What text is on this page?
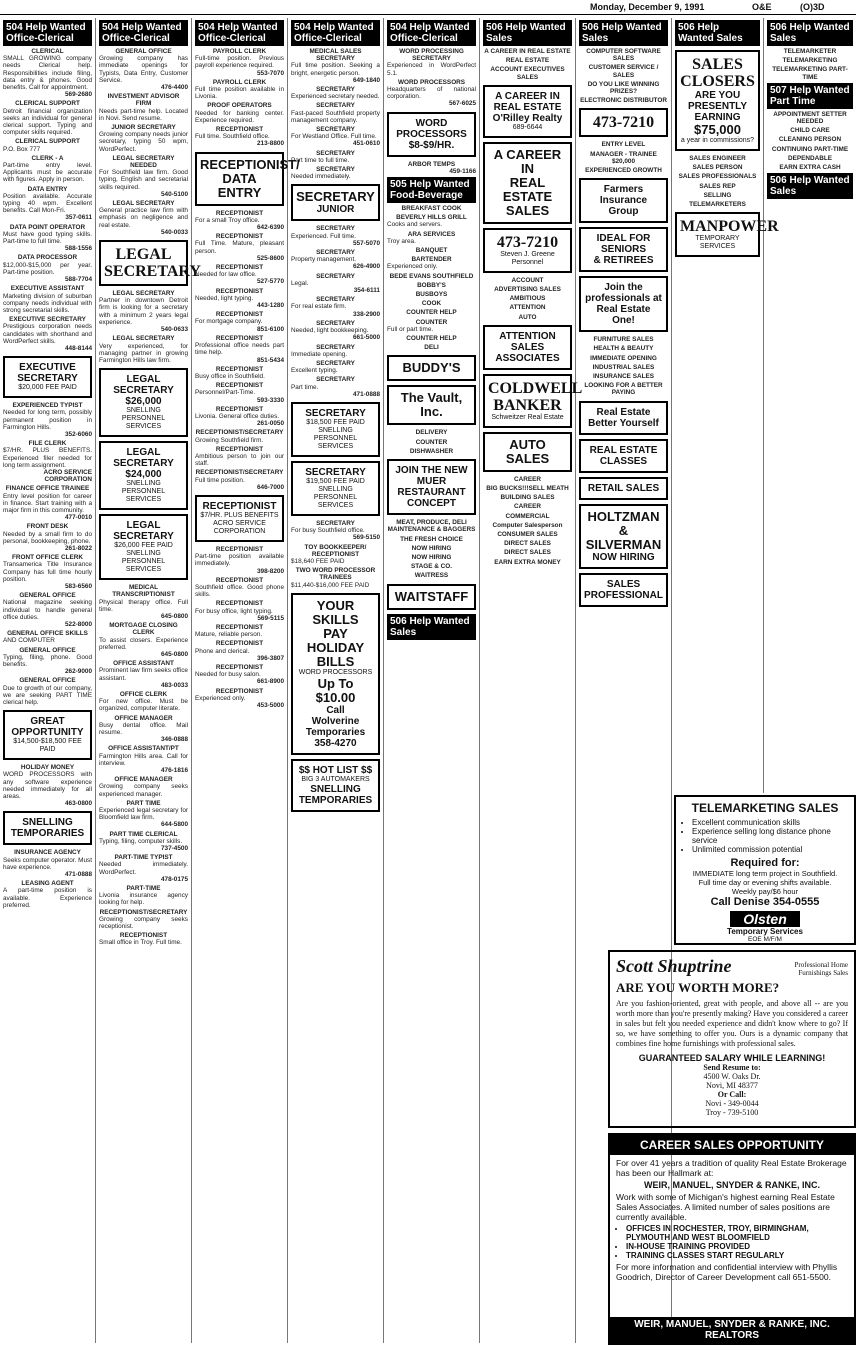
Monday, December 9, 1991	O&E	(O)3D
504 Help Wanted Office-Clerical
CLERICAL
SMALL GROWING company needs Clerical help. Responsibilities include filing, data entry & phones. Good benefits. Call for appointment.
569-2680
CLERICAL SUPPORT
Detroit financial organization seeks an individual for general clerical support. Typing and computer skills required.
CLERICAL SUPPORT
P.O. Box 777
CLERK - A
Part-time entry level. Applicants must be accurate with figures. Apply in person.
DATA ENTRY
Position available. Accurate typing 40 wpm. Excellent benefits. Call Mon-Fri.
357-0611
DATA POINT OPERATOR
Must have good typing skills. Part-time to full time.
588-1556
DATA PROCESSOR
$12,000-$15,000 per year. Part-time position.
588-7704
EXECUTIVE ASSISTANT
Marketing division of suburban company needs individual with strong secretarial skills.
EXECUTIVE SECRETARY
Prestigious corporation needs candidates with shorthand and WordPerfect skills.
448-8144
EXECUTIVE
SECRETARY
$20,000 FEE PAID
EXPERIENCED TYPIST
Needed for long term, possibly permanent position in Farmington Hills.
352-6060
FILE CLERK
$7/HR. PLUS BENEFITS. Experienced filer needed for long term assignment.
ACRO SERVICE CORPORATION
FINANCE OFFICE TRAINEE
Entry level position for career in finance. Start training with a major firm in this community.
477-0010
FRONT DESK
Needed by a small firm to do personal, bookkeeping, phone.
261-8022
FRONT OFFICE CLERK
Transamerica Title Insurance Company has full time hourly position.
583-6560
GENERAL OFFICE
National magazine seeking individual to handle general office duties.
522-8000
GENERAL OFFICE SKILLS
AND COMPUTER
GENERAL OFFICE
Typing, filing, phone. Good benefits.
262-9000
GENERAL OFFICE
Due to growth of our company, we are seeking PART TIME clerical help.
GREAT
OPPORTUNITY
$14,500-$18,500 FEE PAID
HOLIDAY MONEY
WORD PROCESSORS with any software experience needed immediately for all areas.
463-0800
SNELLING
TEMPORARIES
INSURANCE AGENCY
Seeks computer operator. Must have experience.
471-0888
LEASING AGENT
A part-time position is available. Experience preferred.
504 Help Wanted Office-Clerical
GENERAL OFFICE
Growing company has immediate openings for Typists, Data Entry, Customer Service.
476-4400
INVESTMENT ADVISOR FIRM
Needs part-time help. Located in Novi. Send resume.
JUNIOR SECRETARY
Growing company needs junior secretary, typing 50 wpm, WordPerfect.
LEGAL SECRETARY NEEDED
For Southfield law firm. Good typing, English and secretarial skills required.
540-5100
LEGAL SECRETARY
General practice law firm with emphasis on negligence and real estate.
540-0033
LEGAL
SECRETARY
LEGAL SECRETARY
Partner in downtown Detroit firm is looking for a secretary with a minimum 2 years legal experience.
540-0633
LEGAL SECRETARY
Very experienced, for managing partner in growing Farmington Hills law firm.
LEGAL
SECRETARY
$26,000
SNELLING PERSONNEL
SERVICES
LEGAL
SECRETARY
$24,000
SNELLING PERSONNEL
SERVICES
LEGAL SECRETARY
$26,000 FEE PAID
SNELLING PERSONNEL
SERVICES
MEDICAL TRANSCRIPTIONIST
Physical therapy office. Full time.
645-0800
MORTGAGE CLOSING CLERK
To assist closers. Experience preferred.
645-0800
OFFICE ASSISTANT
Prominent law firm seeks office assistant.
483-0033
OFFICE CLERK
For new office. Must be organized, computer literate.
OFFICE MANAGER
Busy dental office. Mail resume.
346-0888
OFFICE ASSISTANT/PT
Farmington Hills area. Call for interview.
476-1816
OFFICE MANAGER
Growing company seeks experienced manager.
PART TIME
Experienced legal secretary for Bloomfield law firm.
644-5800
PART TIME CLERICAL
Typing, filing, computer skills.
737-4500
PART-TIME TYPIST
Needed immediately. WordPerfect.
478-0175
PART-TIME
Livonia insurance agency looking for help.
RECEPTIONIST/SECRETARY
Growing company seeks receptionist.
RECEPTIONIST
Small office in Troy. Full time.
504 Help Wanted Office-Clerical
PAYROLL CLERK
Full-time position. Previous payroll experience required.
553-7070
PAYROLL CLERK
Full time position available in Livonia.
PROOF OPERATORS
Needed for banking center. Experience required.
RECEPTIONIST
Full time. Southfield office.
213-8800
RECEPTIONIST/
DATA ENTRY
RECEPTIONIST
For a small Troy office.
642-6390
RECEPTIONIST
Full Time. Mature, pleasant person.
525-8600
RECEPTIONIST
Needed for law office.
527-5770
RECEPTIONIST
Needed, light typing.
443-1280
RECEPTIONIST
For mortgage company.
851-6100
RECEPTIONIST
Professional office needs part time help.
851-5434
RECEPTIONIST
Busy office in Southfield.
RECEPTIONIST
Personnel/Part-Time.
593-3330
RECEPTIONIST
Livonia. General office duties.
261-0050
RECEPTIONIST/SECRETARY
Growing Southfield firm.
RECEPTIONIST
Ambitious person to join our staff.
RECEPTIONIST/SECRETARY
Full time position.
646-7000
RECEPTIONIST
$7/HR. PLUS BENEFITS
ACRO SERVICE CORPORATION
RECEPTIONIST
Part-time position available immediately.
398-8200
RECEPTIONIST
Southfield office. Good phone skills.
RECEPTIONIST
For busy office, light typing.
569-5115
RECEPTIONIST
Mature, reliable person.
RECEPTIONIST
Phone and clerical.
396-3807
RECEPTIONIST
Needed for busy salon.
661-8900
RECEPTIONIST
Experienced only.
453-5000
504 Help Wanted Office-Clerical
MEDICAL SALES SECRETARY
Full time position. Seeking a bright, energetic person.
649-1840
SECRETARY
Experienced secretary needed.
SECRETARY
Fast-paced Southfield property management company.
SECRETARY
For Westland Office. Full time.
451-0610
SECRETARY
Part time to full time.
SECRETARY
Needed immediately.
SECRETARY
JUNIOR
SECRETARY
Experienced. Full time.
557-5070
SECRETARY
Property management.
626-4900
SECRETARY
Legal.
354-6111
SECRETARY
For real estate firm.
338-2900
SECRETARY
Needed, light bookkeeping.
661-5000
SECRETARY
Immediate opening.
SECRETARY
Excellent typing.
SECRETARY
Part time.
471-0888
SECRETARY
$18,500 FEE PAID
SNELLING PERSONNEL
SERVICES
SECRETARY
$19,500 FEE PAID
SNELLING PERSONNEL
SERVICES
SECRETARY
For busy Southfield office.
569-5150
TOY BOOKKEEPER/ RECEPTIONIST
$18,640 FEE PAID
TWO WORD PROCESSOR TRAINEES
$11,440-$16,000 FEE PAID
YOUR SKILLS
PAY
HOLIDAY BILLS
WORD PROCESSORS
Up To $10.00
Call
Wolverine
Temporaries
358-4270
$$ HOT LIST $$
BIG 3 AUTOMAKERS
SNELLING
TEMPORARIES
504 Help Wanted Office-Clerical
WORD PROCESSING SECRETARY
Experienced in WordPerfect 5.1.
WORD PROCESSORS
Headquarters of national corporation.
567-6025
WORD PROCESSORS
$8-$9/HR.
ARBOR TEMPS
459-1166
505 Help Wanted Food-Beverage
BREAKFAST COOK
BEVERLY HILLS GRILL
Cooks and servers.
ARA SERVICES
Troy area.
BANQUET
BARTENDER
Experienced only.
BEDE EVANS SOUTHFIELD
BOBBY'S
BUSBOYS
COOK
COUNTER HELP
COUNTER
Full or part time.
COUNTER HELP
DELI
BUDDY'S
The Vault, Inc.
DELIVERY
COUNTER
DISHWASHER
JOIN THE NEW MUER
RESTAURANT CONCEPT
MEAT, PRODUCE, DELI MAINTENANCE & BAGGERS
THE FRESH CHOICE
NOW HIRING
NOW HIRING
STAGE & CO.
WAITRESS
WAITSTAFF
506 Help Wanted Sales
506 Help Wanted Sales
A CAREER IN REAL ESTATE
REAL ESTATE
ACCOUNT EXECUTIVES SALES
A CAREER IN
REAL ESTATE
O'Rilley Realty
689-6644
A CAREER IN
REAL ESTATE
SALES
473-7210
Steven J. Greene Personnel
ACCOUNT
ADVERTISING SALES
AMBITIOUS
ATTENTION
AUTO
ATTENTION SALES ASSOCIATES
COLDWELL
BANKER
Schweitzer Real Estate
AUTO SALES
CAREER
BIG BUCKS!!!SELL MEATH
BUILDING SALES
CAREER
COMMERCIAL
Computer Salesperson
CONSUMER SALES
DIRECT SALES
DIRECT SALES
EARN EXTRA MONEY
506 Help Wanted Sales
COMPUTER SOFTWARE SALES
CUSTOMER SERVICE / SALES
DO YOU LIKE WINNING PRIZES?
ELECTRONIC DISTRIBUTOR
473-7210
ENTRY LEVEL
MANAGER - TRAINEE $20,000
EXPERIENCED GROWTH
Farmers Insurance
Group
IDEAL FOR SENIORS
& RETIREES
Join the professionals at
Real Estate One!
FURNITURE SALES
HEALTH & BEAUTY
IMMEDIATE OPENING
INDUSTRIAL SALES
INSURANCE SALES
LOOKING FOR A BETTER PAYING
Real Estate
Better Yourself
REAL ESTATE CLASSES
RETAIL SALES
HOLTZMAN
&
SILVERMAN
NOW HIRING
SALES PROFESSIONAL
506 Help Wanted Sales
SALES
CLOSERS
ARE YOU
PRESENTLY EARNING
$75,000
a year in commissions?
SALES ENGINEER
SALES PERSON
SALES PROFESSIONALS
SALES REP
SELLING
TELEMARKETERS
MANPOWER
TEMPORARY SERVICES
506 Help Wanted Sales
TELEMARKETER
TELEMARKETING
TELEMARKETING PART-TIME
507 Help Wanted Part Time
APPOINTMENT SETTER NEEDED
CHILD CARE
CLEANING PERSON
CONTINUING PART-TIME
DEPENDABLE
EARN EXTRA CASH
506 Help Wanted Sales
TELEMARKETING SALES
• Excellent communication skills
• Experience selling long distance phone service
• Unlimited commission potential
Required for:
IMMEDIATE long term project in Southfield.
Full time day or evening shifts available.
Weekly pay/$6 hour
Call Denise 354-0555
Olsten
Temporary Services
EOE M/F/M
Scott Shuptrine	Professional Home Furnishings Sales
ARE YOU WORTH MORE?
Are you fashion-oriented, great with people, and above all -- are you worth more than you're presently making? Have you considered a career in sales but felt you needed experience and didn't know where to go? If so, we have something to offer you. Ours is a dynamic company that combines fine home furnishings with professional sales.
GUARANTEED SALARY WHILE LEARNING!
Send Resume to:
4500 W. Oaks Dr.
Novi, MI 48377
Or Call:
Novi - 349-0044
Troy - 739-5100
CAREER SALES OPPORTUNITY
For over 41 years a tradition of quality Real Estate Brokerage has been our Hallmark at:
WEIR, MANUEL, SNYDER & RANKE, INC.
Work with some of Michigan's highest earning Real Estate Sales Associates. A limited number of sales positions are currently available.
• OFFICES IN ROCHESTER, TROY, BIRMINGHAM, PLYMOUTH AND WEST BLOOMFIELD
• IN-HOUSE TRAINING PROVIDED
• TRAINING CLASSES START REGULARLY
For more information and confidential interview with Phyllis Goodrich, Director of Career Development call 651-5500.
WEIR, MANUEL, SNYDER & RANKE, INC.
REALTORS
